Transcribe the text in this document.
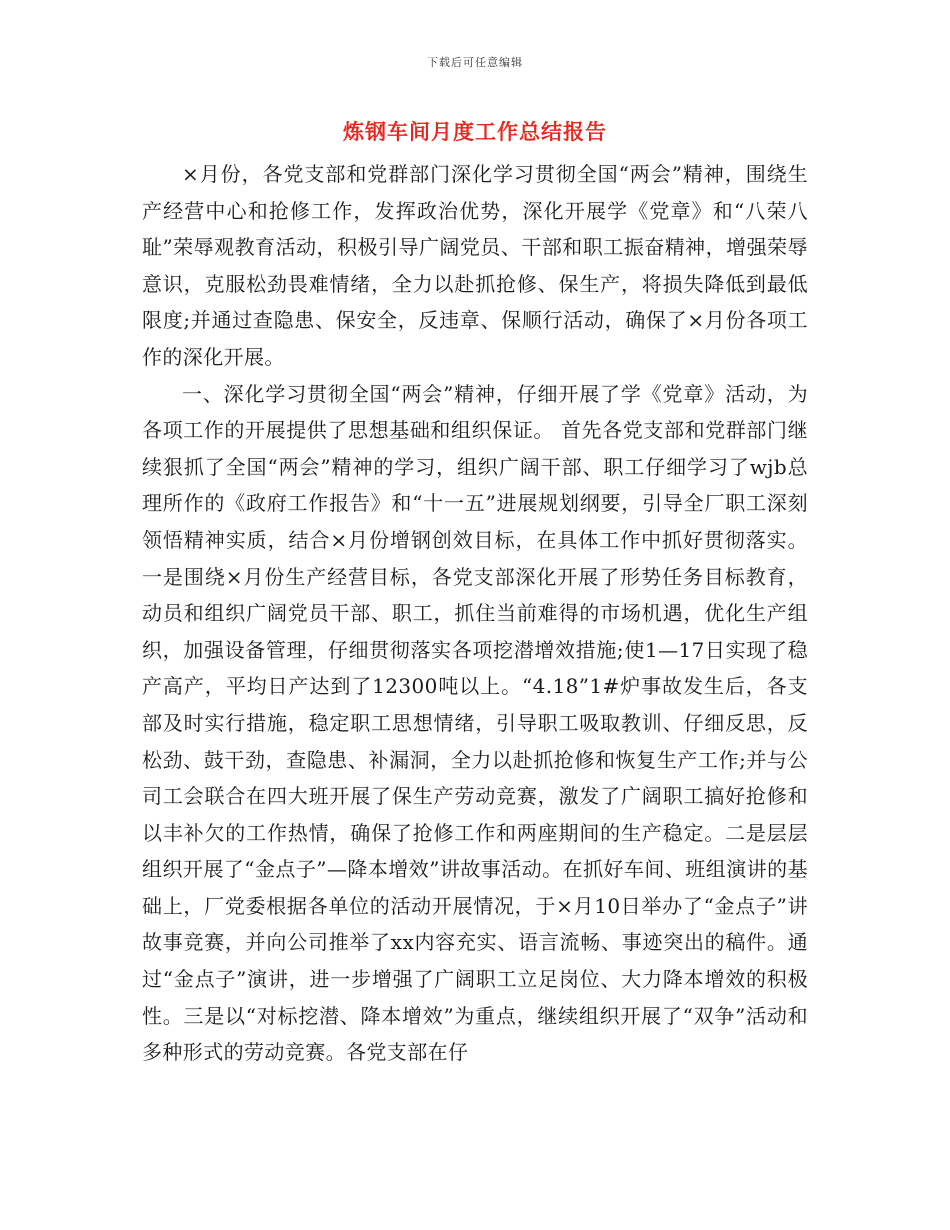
下载后可任意编辑
炼钢车间月度工作总结报告

×月份，各党支部和党群部门深化学习贯彻全国“两会”精神，围绕生产经营中心和抢修工作，发挥政治优势，深化开展学《党章》和“八荣八耻”荣辱观教育活动，积极引导广阔党员、干部和职工振奋精神，增强荣辱意识，克服松劲畏难情绪，全力以赴抓抢修、保生产，将损失降低到最低限度;并通过查隐患、保安全，反违章、保顺行活动，确保了×月份各项工作的深化开展。

一、深化学习贯彻全国“两会”精神，仔细开展了学《党章》活动，为各项工作的开展提供了思想基础和组织保证。 首先各党支部和党群部门继续狠抓了全国“两会”精神的学习，组织广阔干部、职工仔细学习了wjb总理所作的《政府工作报告》和“十一五”进展规划纲要，引导全厂职工深刻领悟精神实质，结合×月份增钢创效目标，在具体工作中抓好贯彻落实。一是围绕×月份生产经营目标，各党支部深化开展了形势任务目标教育，动员和组织广阔党员干部、职工，抓住当前难得的市场机遇，优化生产组织，加强设备管理，仔细贯彻落实各项挖潜增效措施;使1—17日实现了稳产高产，平均日产达到了12300吨以上。“4.18”1#炉事故发生后，各支部及时实行措施，稳定职工思想情绪，引导职工吸取教训、仔细反思，反松劲、鼓干劲，查隐患、补漏洞，全力以赴抓抢修和恢复生产工作;并与公司工会联合在四大班开展了保生产劳动竞赛，激发了广阔职工搞好抢修和以丰补欠的工作热情，确保了抢修工作和两座期间的生产稳定。二是层层组织开展了“金点子”—降本增效”讲故事活动。在抓好车间、班组演讲的基础上，厂党委根据各单位的活动开展情况，于×月10日举办了“金点子”讲故事竞赛，并向公司推举了xx内容充实、语言流畅、事迹突出的稿件。通过“金点子”演讲，进一步增强了广阔职工立足岗位、大力降本增效的积极性。三是以“对标挖潜、降本增效”为重点，继续组织开展了“双争”活动和多种形式的劳动竞赛。各党支部在仔
